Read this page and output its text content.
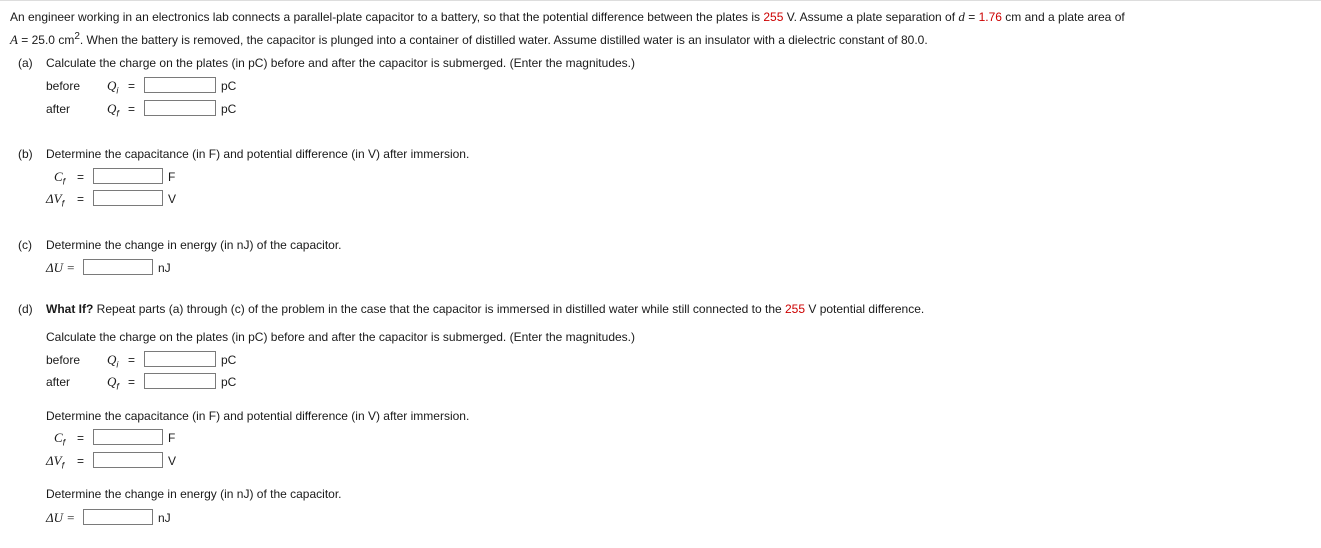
An engineer working in an electronics lab connects a parallel-plate capacitor to a battery, so that the potential difference between the plates is 255 V. Assume a plate separation of d = 1.76 cm and a plate area of
A = 25.0 $cm^2$. When the battery is removed, the capacitor is plunged into a container of distilled water. Assume distilled water is an insulator with a dielectric constant of 80.0.
(a) Calculate the charge on the plates (in pC) before and after the capacitor is submerged. (Enter the magnitudes.)
before $Q_i$ =	pC
after	$Q_f$ =	pC
(b) Determine the capacitance (in F) and potential difference (in V) after immersion.
$C_f$ =	F
$\Delta V_f$ =	V
(c) Determine the change in energy (in nJ) of the capacitor.
ΔU =	nJ
(d) What If? Repeat parts (a) through (c) of the problem in the case that the capacitor is immersed in distilled water while still connected to the 255 V potential difference.
Calculate the charge on the plates (in pC) before and after the capacitor is submerged. (Enter the magnitudes.)
before $Q_i$ =	pC
after	$Q_f$ =	pC
Determine the capacitance (in F) and potential difference (in V) after immersion.
$C_f$ =	F
$\Delta V_f$ =	V
Determine the change in energy (in nJ) of the capacitor.
ΔU =	nJ
